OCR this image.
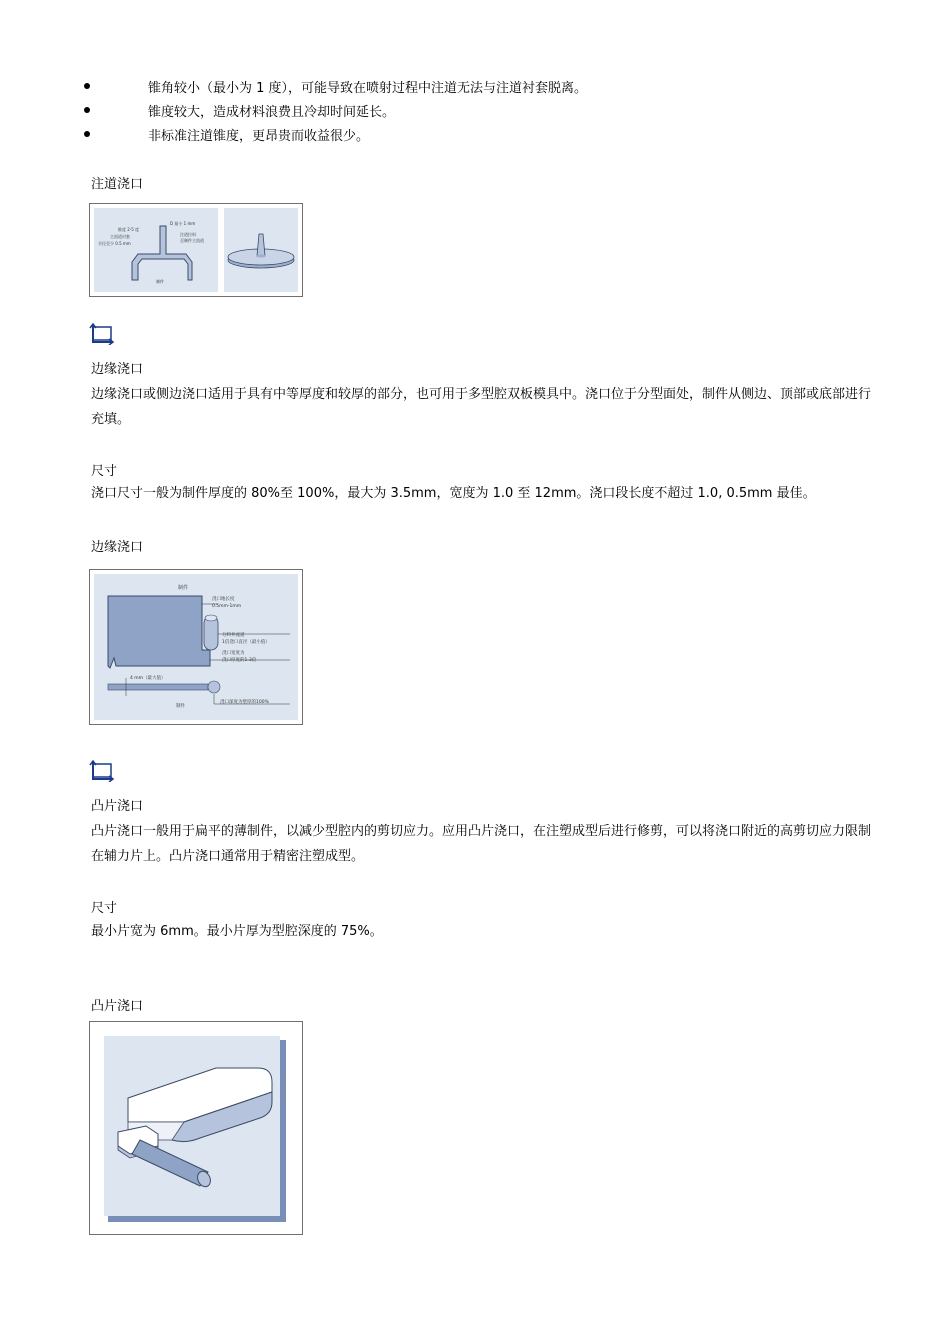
锥角较小（最小为 1 度），可能导致在喷射过程中注道无法与注道衬套脱离。
锥度较大，造成材料浪费且冷却时间延长。
非标准注道锥度，更昂贵而收益很少。
注道浇口
D 最小 1 mm
锥度 2-5 度
主流道衬套
半径至少 0.5 mm
注道拉料
至制件主流道
制件
边缘浇口
边缘浇口或侧边浇口适用于具有中等厚度和较厚的部分，也可用于多型腔双板模具中。浇口位于分型面处，制件从侧边、顶部或底部进行充填。
尺寸
浇口尺寸一般为制件厚度的 80%至 100%，最大为 3.5mm，宽度为 1.0 至 12mm。浇口段长度不超过 1.0, 0.5mm 最佳。
边缘浇口
制件
浇口地长度
0.5mm-1mm
分料井流道
1倍浇口直径（最小值）
浇口宽度为
浇口厚度的1-3倍
4 mm（最大值）
制件
浇口深度为壁厚的100%
凸片浇口
凸片浇口一般用于扁平的薄制件，以减少型腔内的剪切应力。应用凸片浇口，在注塑成型后进行修剪，可以将浇口附近的高剪切应力限制在辅力片上。凸片浇口通常用于精密注塑成型。
尺寸
最小片宽为 6mm。最小片厚为型腔深度的 75%。
凸片浇口
